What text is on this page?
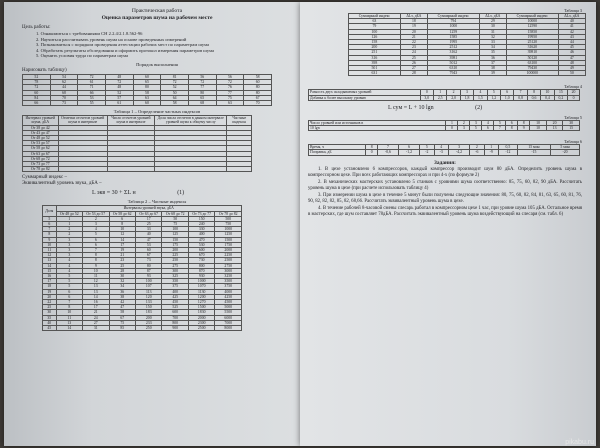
Практическая работа
Оценка параметров шума на рабочем месте
Цель работы:
1. Ознакомиться с требованиями СН 2.2.4/2.1.8.562-96
2. Научиться рассчитывать уровень шума на основе проведенных измерений
3. Познакомиться с порядком проведения аттестации рабочих мест по параметрам шума
4. Обработать результаты обследования и оформить протокол измерения параметров шума
5. Оценить условия труда по параметрам шума
Порядок выполнения
Нарисовать таблицу)
52	54	72	48	60	81	56	56	58
78	62	61	72	65	72	72	72	60
72	44	71	48	80	52	77	76	80
60	68	66	52	58	50	80	77	80
84	70	53	57	63	64	65	75	67
66	73	55	61	60	58	68	63	70
Таблица 1 – Определение частных индексов
Интервал уровней шума, дБА	Отметки отсчетов уровней шума в интервале	Число отсчетов уровней шума в интервале	Доля числа отсчетов в данном интервале уровней шума к общему числу	Частные индексы
От 38 до 42				
От 43 до 47				
От 48 до 52				
От 53 до 57				
От 58 до 62				
От 63 до 67				
От 68 до 72				
От 73 до 77				
От 78 до 82				
Суммарный индекс –
Эквивалентный уровень звука, дБА –
L экв = 30 + ΣL н	(1)
Таблица 2 – Частные индексы
Доля	Интервалы уровней звука, дБА						
	От 48 до 52	От 53 до 57	От 58 до 62	От 63 до 67	От 68 до 72	От 73 до 77	От 78 до 82
5	1	2	6	17	50	150	500
6	1	3	8	25	75	240	750
7	2	4	10	33	100	330	1000
8	2	5	12	40	125	400	1250
9	3	6	14	47	150	470	1500
10	3	6	17	53	175	530	1750
11	3	7	19	60	200	600	2000
12	3	8	21	67	225	670	2250
13	4	8	23	73	250	730	2500
14	4	9	25	80	275	800	2750
15	4	10	28	87	300	870	3000
16	5	11	30	93	325	930	3250
17	5	12	32	100	350	1000	3500
18	5	13	34	107	375	1070	3750
19	6	13	36	113	400	1130	4000
20	6	14	38	120	425	1200	4250
22	7	16	42	133	450	1270	4500
25	8	17	47	150	525	1500	5000
30	10	21	58	183	600	1830	5500
35	11	24	67	200	700	2000	6000
40	13	27	75	233	800	2300	7000
45	14	31	85	250	900	2500	8000
Таблица 3
Суммарный индекс	ΔLэ, дБА	Суммарный индекс	ΔLэ, дБА	Суммарный индекс	ΔLэ, дБА
63	18	794	29	10000	40
79	19	1000	30	12590	41
100	20	1259	31	15850	42
126	21	1585	32	19950	43
158	22	1995	33	25120	44
200	23	2512	34	31620	45
251	24	3162	35	39810	46
316	25	3981	36	50120	47
398	26	5012	37	63100	48
501	27	6310	38	79430	49
631	28	7943	39	100000	50
Таблица 4
Разность двух складываемых уровней	0	1	2	3	4	5	6	7	8	10	15	20
Добавка к более высокому уровню	3,0	2,5	2,0	1,8	1,5	1,2	1,0	0,8	0,6	0,4	0,2	0
L сум = L + 10 lgn	(2)
Таблица 5
Число уровней или источников n	1	2	3	4	5	6	8	10	20	30
10 lgn	0	3	5	6	7	8	9	10	13	15
Таблица 6
Время, ч	8	7	6	5	4	3	2	1	0,5	15 мин	5 мин
Поправка, дБ	0	-0,6	-1,2	-2	-3	-4,2	-6	-9	-12	-15	-20
Задания:

1. В цехе установлено 6 компрессоров, каждый компрессор производит шум 80 дБА. Определить уровень шума в компрессорном цехе. При всех работающих компрессорах и при 4-х (по формуле 2)

2. В механических мастерских установлено 5 станков с уровнями шума соответственно: 85, 75, 60, 82, 90 дБА. Рассчитать уровень шума в цехе (при расчете использовать таблицу 4)

3. При измерении шума в цехе в течение 5 минут были получены следующие значения: 80, 75, 60, 82, 84, 81, 63, 65, 60, 81, 76, 90, 82, 82, 82, 85, 82, 68,66. Рассчитать эквивалентный уровень шума в цехе.

4. В течение рабочей 8-часовой смены слесарь работал в компрессорном цехе 1 час, при уровне шума 105 дБА. Остальное время в мастерских, где шум составляет 78дБА. Рассчитать эквивалентный уровень шума воздействующий на слесаря (см. табл. 6)

pikabu.ru
